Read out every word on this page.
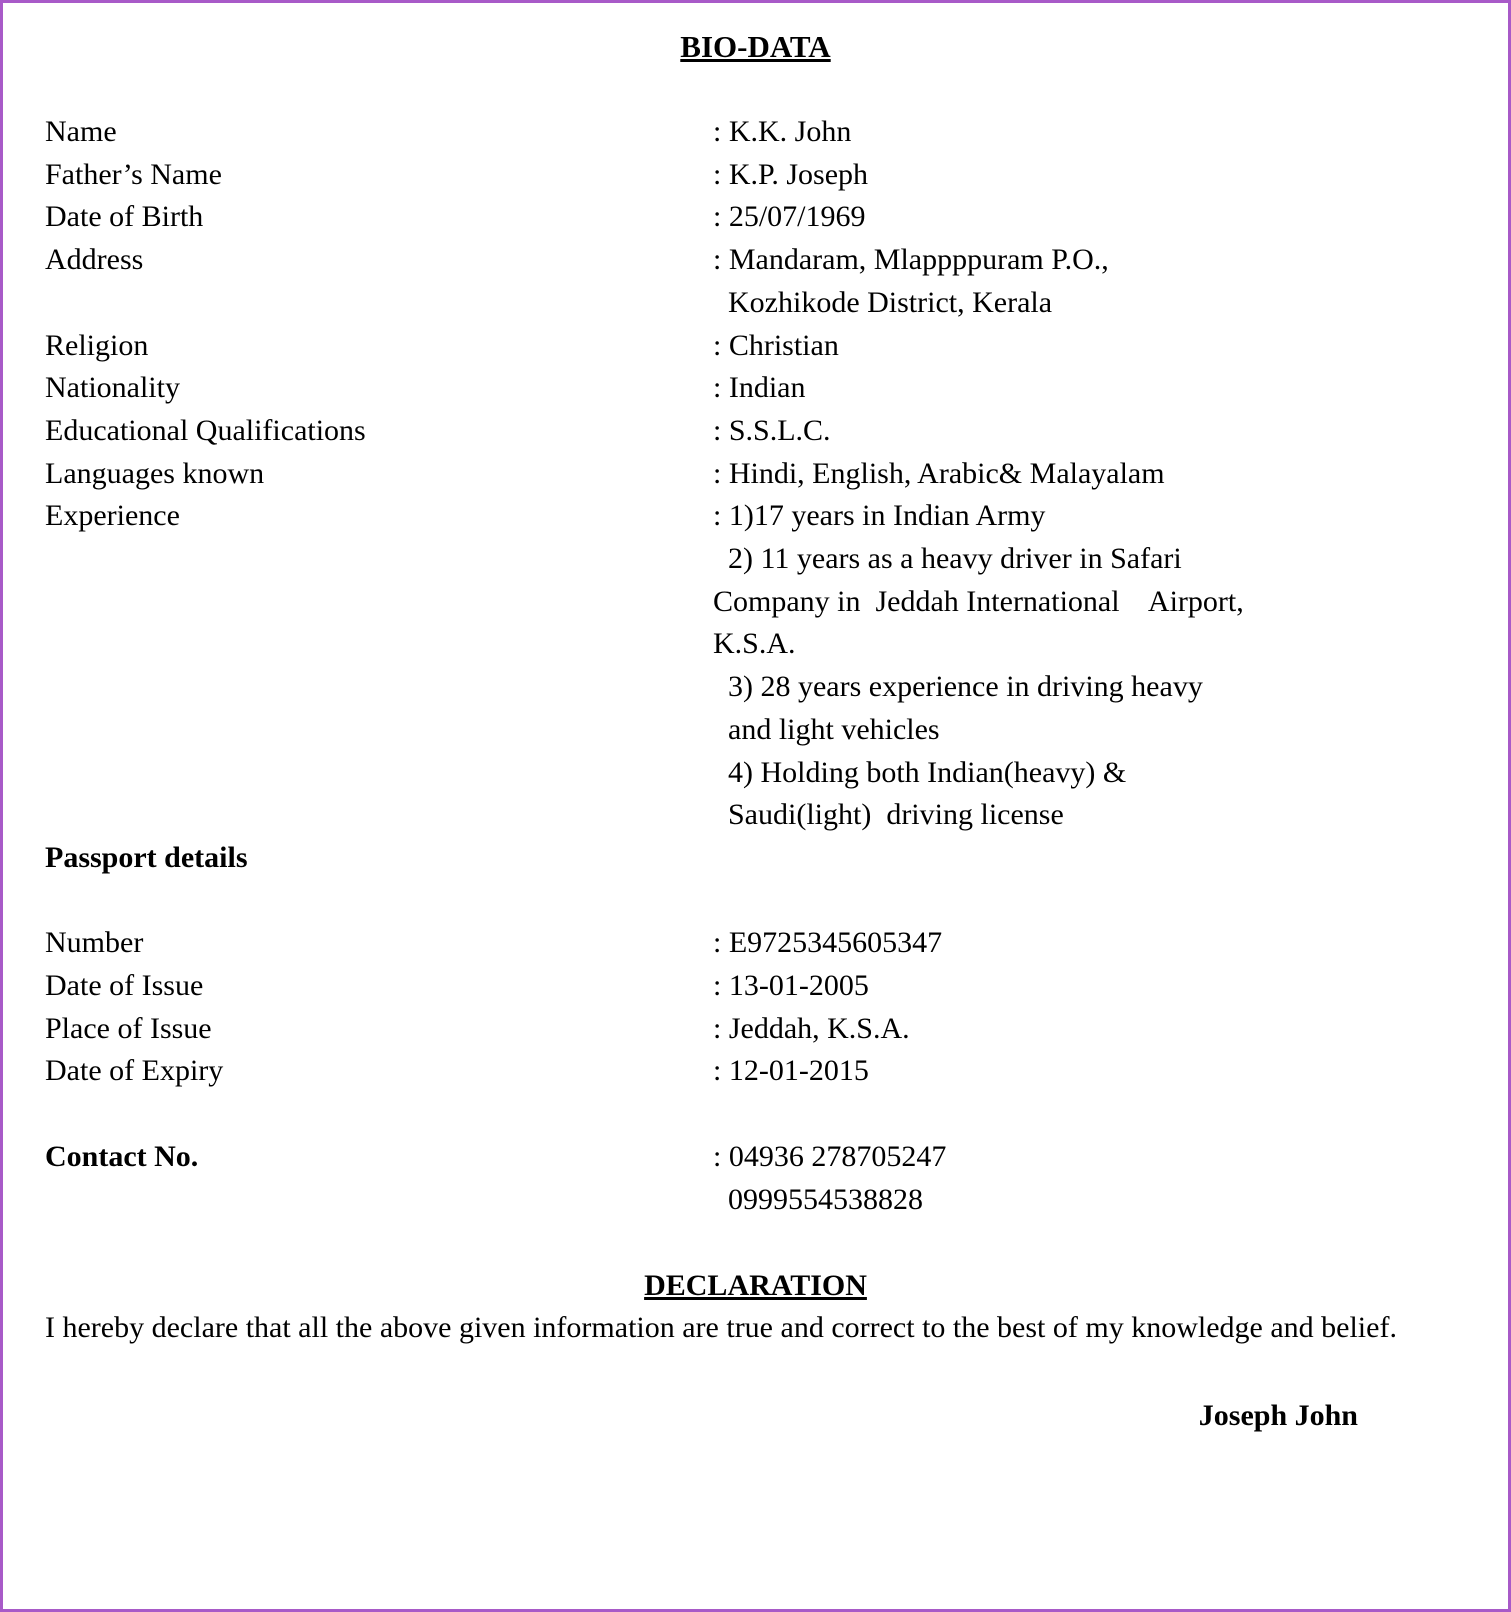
BIO-DATA
Name	: K.K. John
Father’s Name	: K.P. Joseph
Date of Birth	: 25/07/1969
Address	: Mandaram, Mlappppuram P.O.,
Kozhikode District, Kerala
Religion	: Christian
Nationality	: Indian
Educational Qualifications	: S.S.L.C.
Languages known	: Hindi, English, Arabic& Malayalam
Experience	: 1)17 years in Indian Army
2) 11 years as a heavy driver in Safari
Company in  Jeddah International    Airport,
K.S.A.
3) 28 years experience in driving heavy
and light vehicles
4) Holding both Indian(heavy) &
Saudi(light)  driving license
Passport details
Number	: E9725345605347
Date of Issue	: 13-01-2005
Place of Issue	: Jeddah, K.S.A.
Date of Expiry	: 12-01-2015
Contact No.	: 04936 278705247
0999554538828
DECLARATION

I hereby declare that all the above given information are true and correct to the best of my knowledge and belief.

Joseph John
